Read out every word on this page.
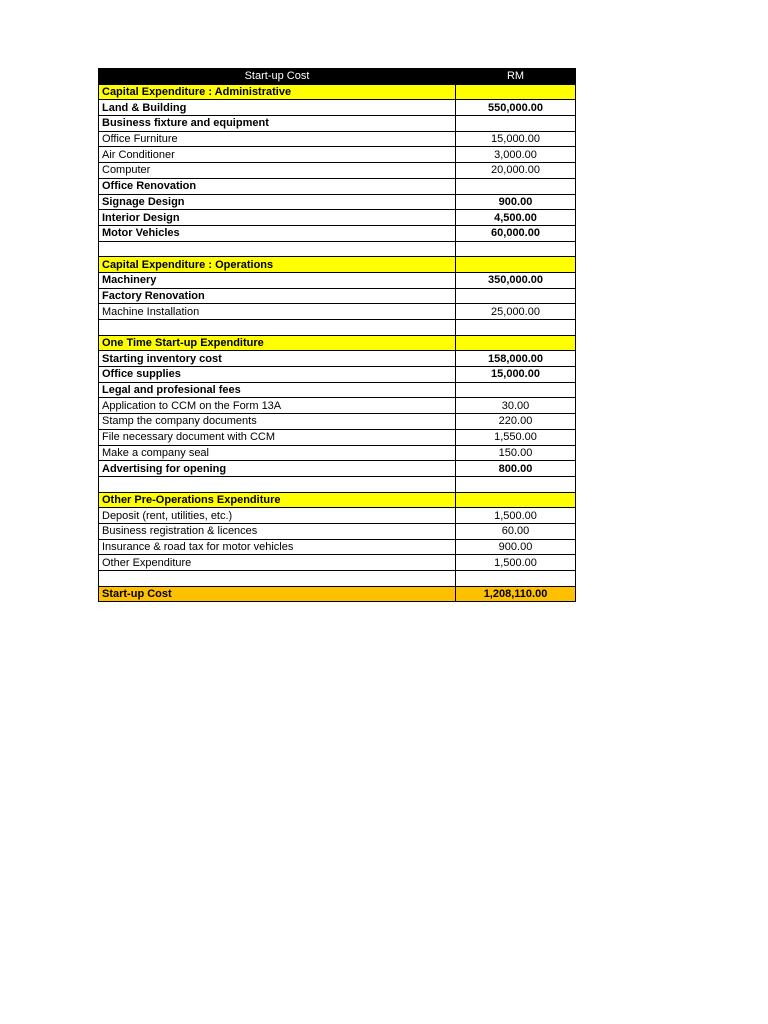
Start-up Cost	RM
Capital Expenditure : Administrative	
Land & Building	550,000.00
Business fixture and equipment	
Office Furniture	15,000.00
Air Conditioner	3,000.00
Computer	20,000.00
Office Renovation	
Signage Design	900.00
Interior Design	4,500.00
Motor Vehicles	60,000.00

Capital Expenditure : Operations	
Machinery	350,000.00
Factory Renovation	
Machine Installation	25,000.00

One Time Start-up Expenditure	
Starting inventory cost	158,000.00
Office supplies	15,000.00
Legal and profesional fees	
Application to CCM on the Form 13A	30.00
Stamp the company documents	220.00
File necessary document with CCM	1,550.00
Make a company seal	150.00
Advertising for opening	800.00

Other Pre-Operations Expenditure	
Deposit (rent, utilities, etc.)	1,500.00
Business registration & licences	60.00
Insurance & road tax for motor vehicles	900.00
Other Expenditure	1,500.00

Start-up Cost	1,208,110.00
